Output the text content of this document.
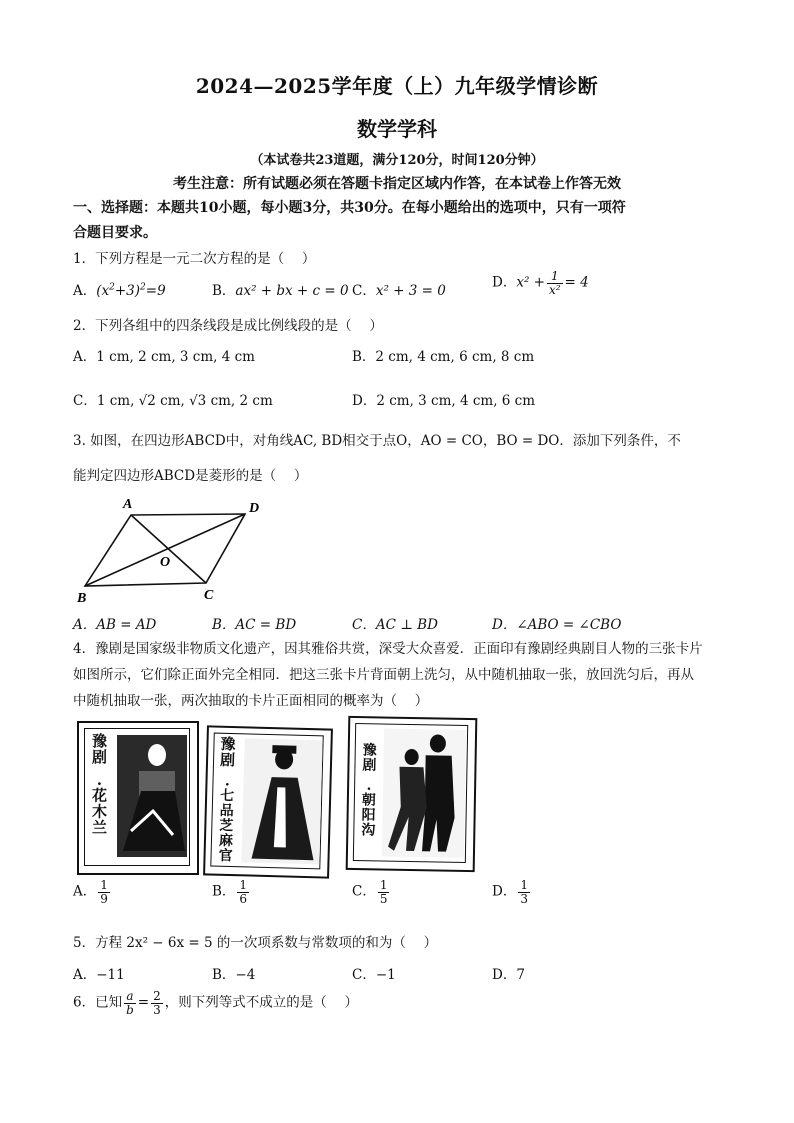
2024—2025学年度（上）九年级学情诊断
数学学科
（本试卷共23道题，满分120分，时间120分钟）
考生注意：所有试题必须在答题卡指定区域内作答，在本试卷上作答无效
一、选择题：本题共10小题，每小题3分，共30分。在每小题给出的选项中，只有一项符
合题目要求。
1．下列方程是一元二次方程的是（　 ）
A．$(x^2+3)^2=9$	B．ax² + bx + c = 0 C．x² + 3 = 0
D．$x^2 + \frac{1}{\text{x²}} = 4$
2．下列各组中的四条线段是成比例线段的是（　 ）
A．1 cm, 2 cm, 3 cm, 4 cm	B．2 cm, 4 cm, 6 cm, 8 cm
C．1 cm, √2 cm, √3 cm, 2 cm	D．2 cm, 3 cm, 4 cm, 6 cm
3. 如图，在四边形ABCD中，对角线AC, BD相交于点O，AO = CO，BO = DO．添加下列条件，不
能判定四边形ABCD是菱形的是（　 ）
A	D
B	C
O
A．AB = AD	B．AC = BD	C．AC ⊥ BD	D．∠ABO = ∠CBO
4．豫剧是国家级非物质文化遗产，因其雅俗共赏，深受大众喜爱．正面印有豫剧经典剧目人物的三张卡片
如图所示，它们除正面外完全相同．把这三张卡片背面朝上洗匀，从中随机抽取一张，放回洗匀后，再从
中随机抽取一张，两次抽取的卡片正面相同的概率为（　 ）
豫剧
·花木兰
豫剧
·七品芝麻官
豫剧
·朝阳沟
A． $\frac{1}{9}$	B． $\frac{1}{6}$	C． $\frac{1}{5}$	D． $\frac{1}{3}$
5．方程 2x² − 6x = 5 的一次项系数与常数项的和为（　 ）
A．−11	B．−4	C．−1	D．7
6．已知 $\frac{a}{b} = \frac{2}{3}$ ，则下列等式不成立的是（　 ）
